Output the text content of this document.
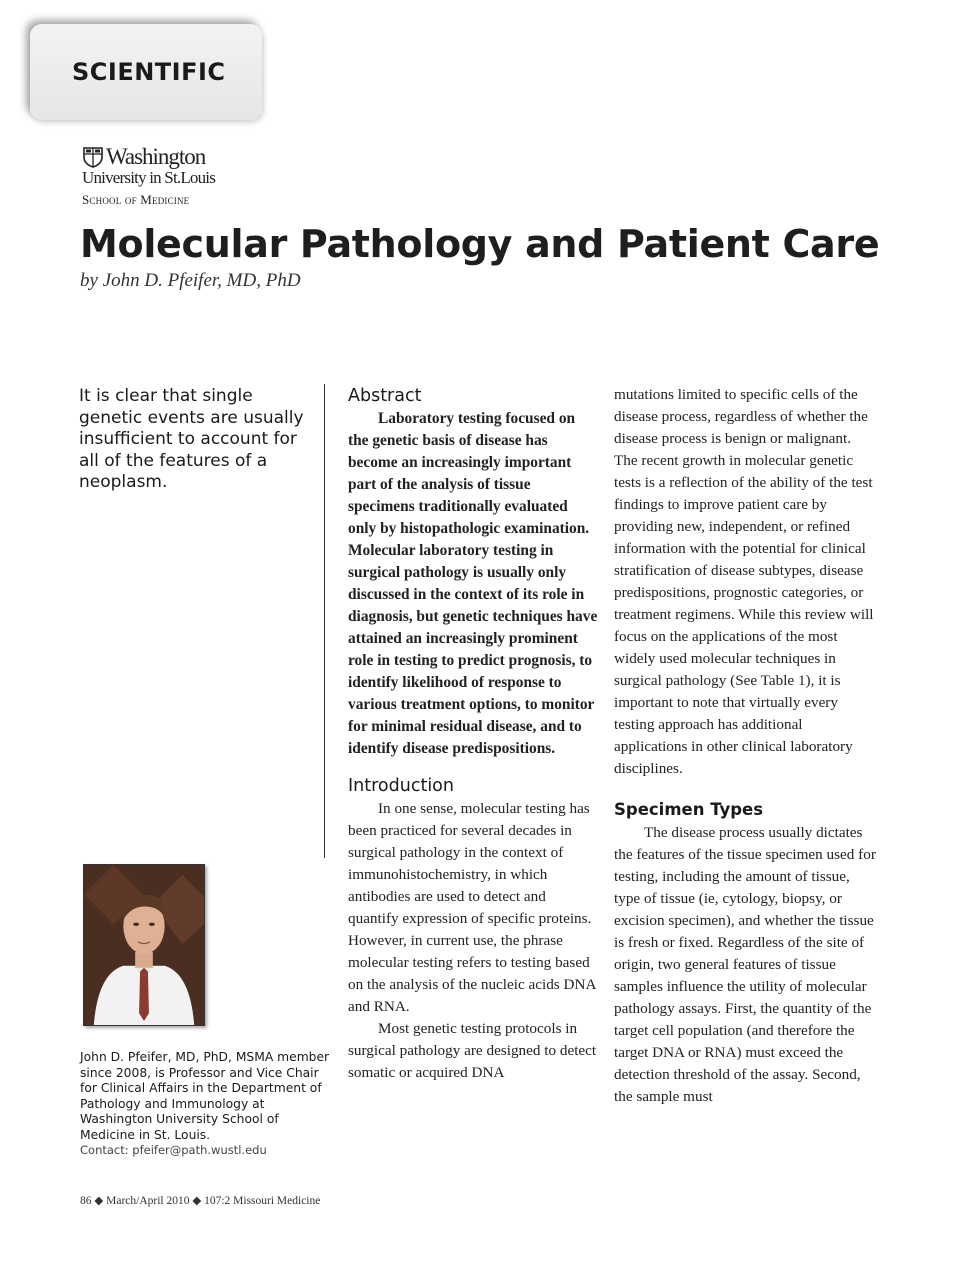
SCIENTIFIC
Washington
University in St.Louis
School of Medicine
Molecular Pathology and Patient Care
by John D. Pfeifer, MD, PhD
It is clear that single genetic events are usually insufficient to account for all of the features of a neoplasm.
John D. Pfeifer, MD, PhD, MSMA member since 2008, is Professor and Vice Chair for Clinical Affairs in the Department of Pathology and Immunology at Washington University School of Medicine in St. Louis.
Contact: pfeifer@path.wustl.edu
Abstract

Laboratory testing focused on the genetic basis of disease has become an increasingly important part of the analysis of tissue specimens traditionally evaluated only by histopathologic examination. Molecular laboratory testing in surgical pathology is usually only discussed in the context of its role in diagnosis, but genetic techniques have attained an increasingly prominent role in testing to predict prognosis, to identify likelihood of response to various treatment options, to monitor for minimal residual disease, and to identify disease predispositions.

Introduction

In one sense, molecular testing has been practiced for several decades in surgical pathology in the context of immunohistochemistry, in which antibodies are used to detect and quantify expression of specific proteins. However, in current use, the phrase molecular testing refers to testing based on the analysis of the nucleic acids DNA and RNA.

Most genetic testing protocols in surgical pathology are designed to detect somatic or acquired DNA

mutations limited to specific cells of the disease process, regardless of whether the disease process is benign or malignant. The recent growth in molecular genetic tests is a reflection of the ability of the test findings to improve patient care by providing new, independent, or refined information with the potential for clinical stratification of disease subtypes, disease predispositions, prognostic categories, or treatment regimens. While this review will focus on the applications of the most widely used molecular techniques in surgical pathology (See Table 1), it is important to note that virtually every testing approach has additional applications in other clinical laboratory disciplines.

Specimen Types

The disease process usually dictates the features of the tissue specimen used for testing, including the amount of tissue, type of tissue (ie, cytology, biopsy, or excision specimen), and whether the tissue is fresh or fixed. Regardless of the site of origin, two general features of tissue samples influence the utility of molecular pathology assays. First, the quantity of the target cell population (and therefore the target DNA or RNA) must exceed the detection threshold of the assay. Second, the sample must

86 ◆ March/April 2010 ◆ 107:2 Missouri Medicine
